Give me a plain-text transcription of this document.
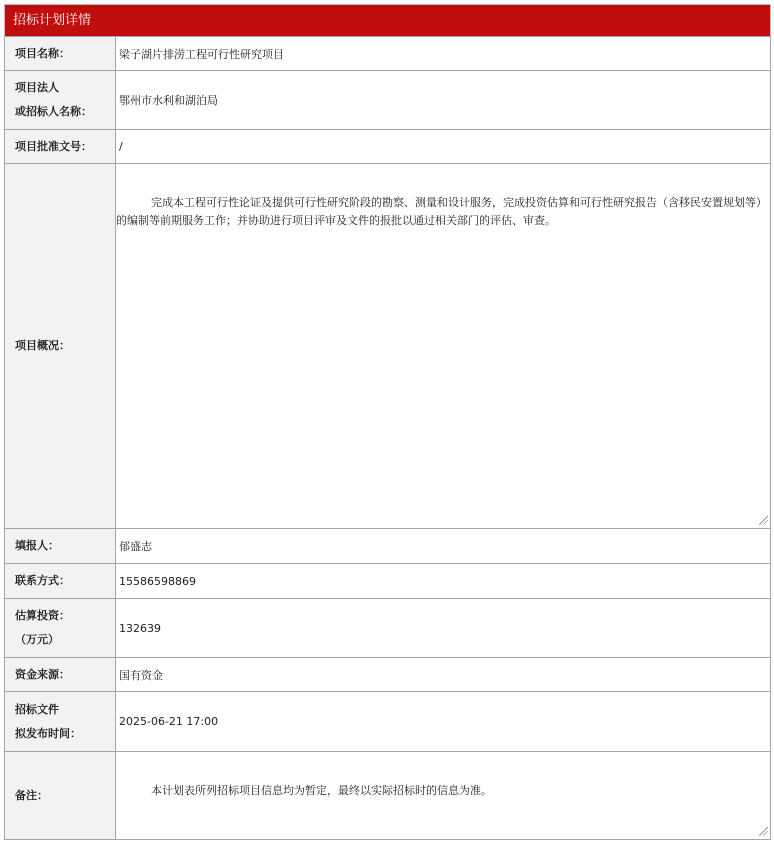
招标计划详情
项目名称：	梁子湖片排涝工程可行性研究项目

项目法人
或招标人名称：	鄂州市水利和湖泊局
项目批准文号：	/
项目概况：	完成本工程可行性论证及提供可行性研究阶段的勘察、测量和设计服务，完成投资估算和可行性研究报告（含移民安置规划等）的编制等前期服务工作；并协助进行项目评审及文件的报批以通过相关部门的评估、审查。

填报人：	郁盛志
联系方式：	15586598869

估算投资：
（万元）	132639
资金来源：	国有资金

招标文件
拟发布时间：	2025-06-21 17:00
备注：	本计划表所列招标项目信息均为暂定，最终以实际招标时的信息为准。
